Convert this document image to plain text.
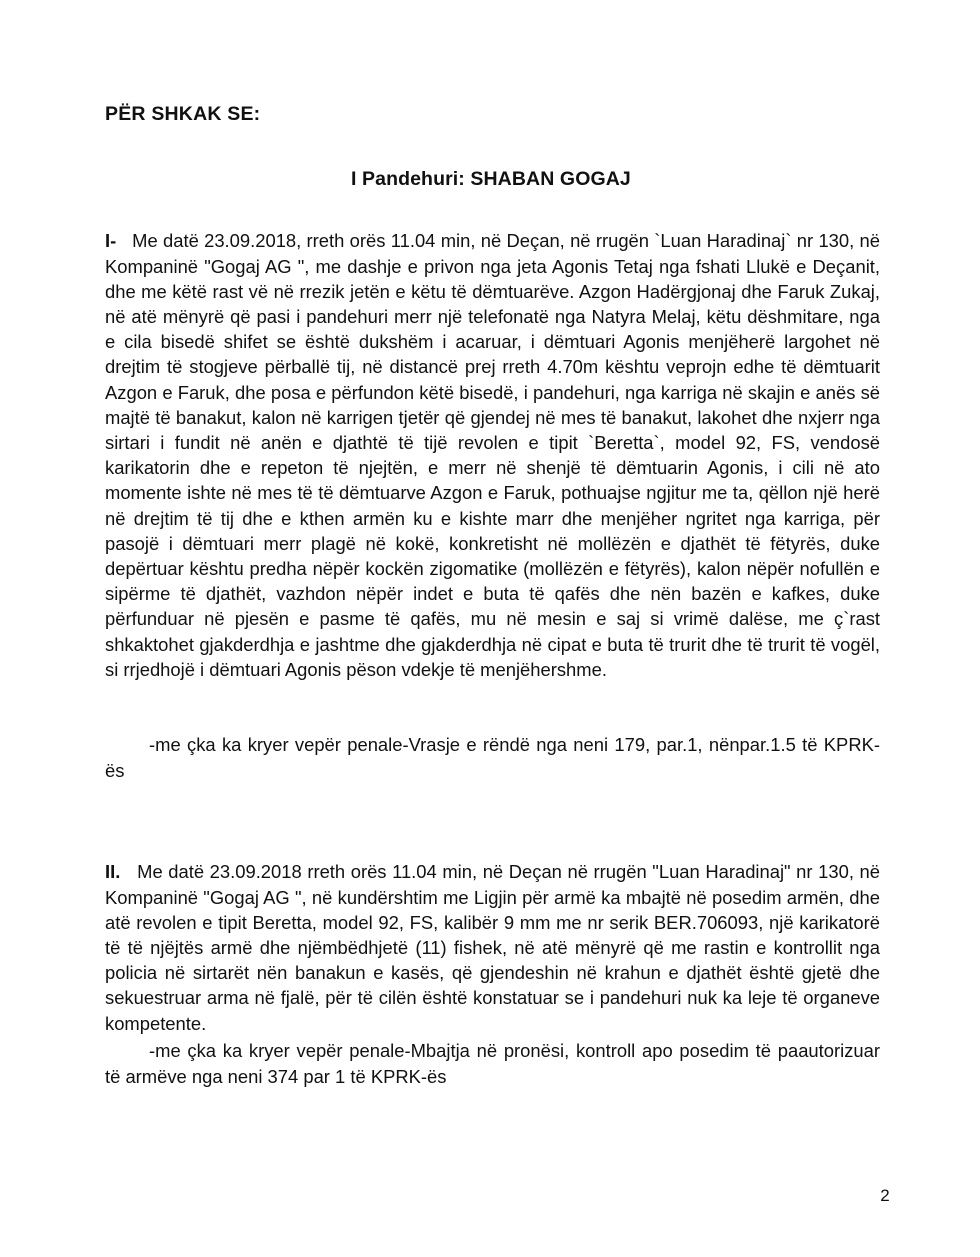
PËR SHKAK SE:
I Pandehuri: SHABAN GOGAJ

I- Me datë 23.09.2018, rreth orës 11.04 min, në Deçan, në rrugën `Luan Haradinaj` nr 130, në Kompaninë "Gogaj AG ", me dashje e privon nga jeta Agonis Tetaj nga fshati Llukë e Deçanit, dhe me këtë rast vë në rrezik jetën e këtu të dëmtuarëve. Azgon Hadërgjonaj dhe Faruk Zukaj, në atë mënyrë që pasi i pandehuri merr një telefonatë nga Natyra Melaj, këtu dëshmitare, nga e cila bisedë shifet se është dukshëm i acaruar, i dëmtuari Agonis menjëherë largohet në drejtim të stogjeve përballë tij, në distancë prej rreth 4.70m kështu veprojn edhe të dëmtuarit Azgon e Faruk, dhe posa e përfundon këtë bisedë, i pandehuri, nga karriga në skajin e anës së majtë të banakut, kalon në karrigen tjetër që gjendej në mes të banakut, lakohet dhe nxjerr nga sirtari i fundit në anën e djathtë të tijë revolen e tipit `Beretta`, model 92, FS, vendosë karikatorin dhe e repeton të njejtën, e merr në shenjë të dëmtuarin Agonis, i cili në ato momente ishte në mes të të dëmtuarve Azgon e Faruk, pothuajse ngjitur me ta, qëllon një herë në drejtim të tij dhe e kthen armën ku e kishte marr dhe menjëher ngritet nga karriga, për pasojë i dëmtuari merr plagë në kokë, konkretisht në mollëzën e djathët të fëtyrës, duke depërtuar kështu predha nëpër kockën zigomatike (mollëzën e fëtyrës), kalon nëpër nofullën e sipërme të djathët, vazhdon nëpër indet e buta të qafës dhe nën bazën e kafkes, duke përfunduar në pjesën e pasme të qafës, mu në mesin e saj si vrimë dalëse, me ç`rast shkaktohet gjakderdhja e jashtme dhe gjakderdhja në cipat e buta të trurit dhe të trurit të vogël, si rrjedhojë i dëmtuari Agonis pëson vdekje të menjëhershme.

-me çka ka kryer vepër penale-Vrasje e rëndë nga neni 179, par.1, nënpar.1.5 të KPRK-ës

II. Me datë 23.09.2018 rreth orës 11.04 min, në Deçan në rrugën "Luan Haradinaj" nr 130, në Kompaninë "Gogaj AG ", në kundërshtim me Ligjin për armë ka mbajtë në posedim armën, dhe atë revolen e tipit Beretta, model 92, FS, kalibër 9 mm me nr serik BER.706093, një karikatorë të të njëjtës armë dhe njëmbëdhjetë (11) fishek, në atë mënyrë që me rastin e kontrollit nga policia në sirtarët nën banakun e kasës, që gjendeshin në krahun e djathët është gjetë dhe sekuestruar arma në fjalë, për të cilën është konstatuar se i pandehuri nuk ka leje të organeve kompetente.

-me çka ka kryer vepër penale-Mbajtja në pronësi, kontroll apo posedim të paautorizuar të armëve nga neni 374 par 1 të KPRK-ës

2
